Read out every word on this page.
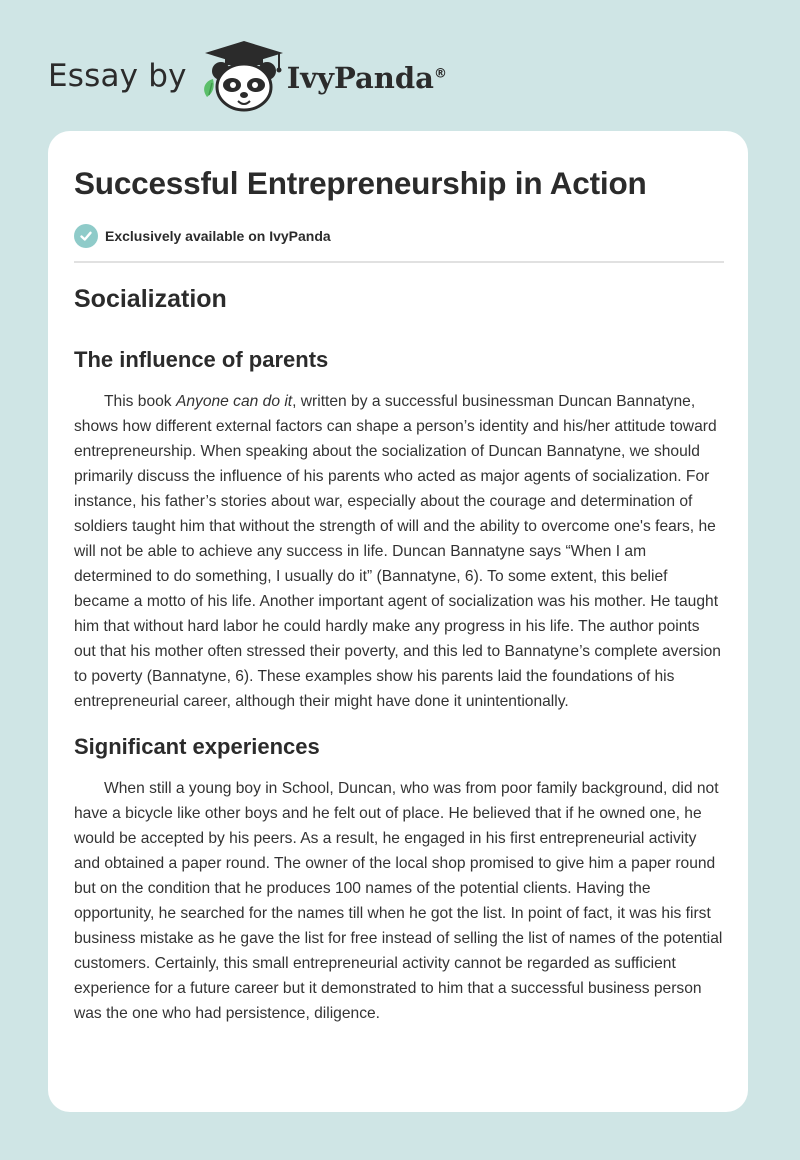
Essay by	IvyPanda®
Successful Entrepreneurship in Action
Exclusively available on IvyPanda
Socialization
The influence of parents

This book Anyone can do it, written by a successful businessman Duncan Bannatyne, shows how different external factors can shape a person’s identity and his/her attitude toward entrepreneurship. When speaking about the socialization of Duncan Bannatyne, we should primarily discuss the influence of his parents who acted as major agents of socialization. For instance, his father’s stories about war, especially about the courage and determination of soldiers taught him that without the strength of will and the ability to overcome one's fears, he will not be able to achieve any success in life. Duncan Bannatyne says “When I am determined to do something, I usually do it” (Bannatyne, 6). To some extent, this belief became a motto of his life. Another important agent of socialization was his mother. He taught him that without hard labor he could hardly make any progress in his life. The author points out that his mother often stressed their poverty, and this led to Bannatyne’s complete aversion to poverty (Bannatyne, 6). These examples show his parents laid the foundations of his entrepreneurial career, although their might have done it unintentionally.

Significant experiences

When still a young boy in School, Duncan, who was from poor family background, did not have a bicycle like other boys and he felt out of place. He believed that if he owned one, he would be accepted by his peers. As a result, he engaged in his first entrepreneurial activity and obtained a paper round. The owner of the local shop promised to give him a paper round but on the condition that he produces 100 names of the potential clients. Having the opportunity, he searched for the names till when he got the list. In point of fact, it was his first business mistake as he gave the list for free instead of selling the list of names of the potential customers. Certainly, this small entrepreneurial activity cannot be regarded as sufficient experience for a future career but it demonstrated to him that a successful business person was the one who had persistence, diligence.
